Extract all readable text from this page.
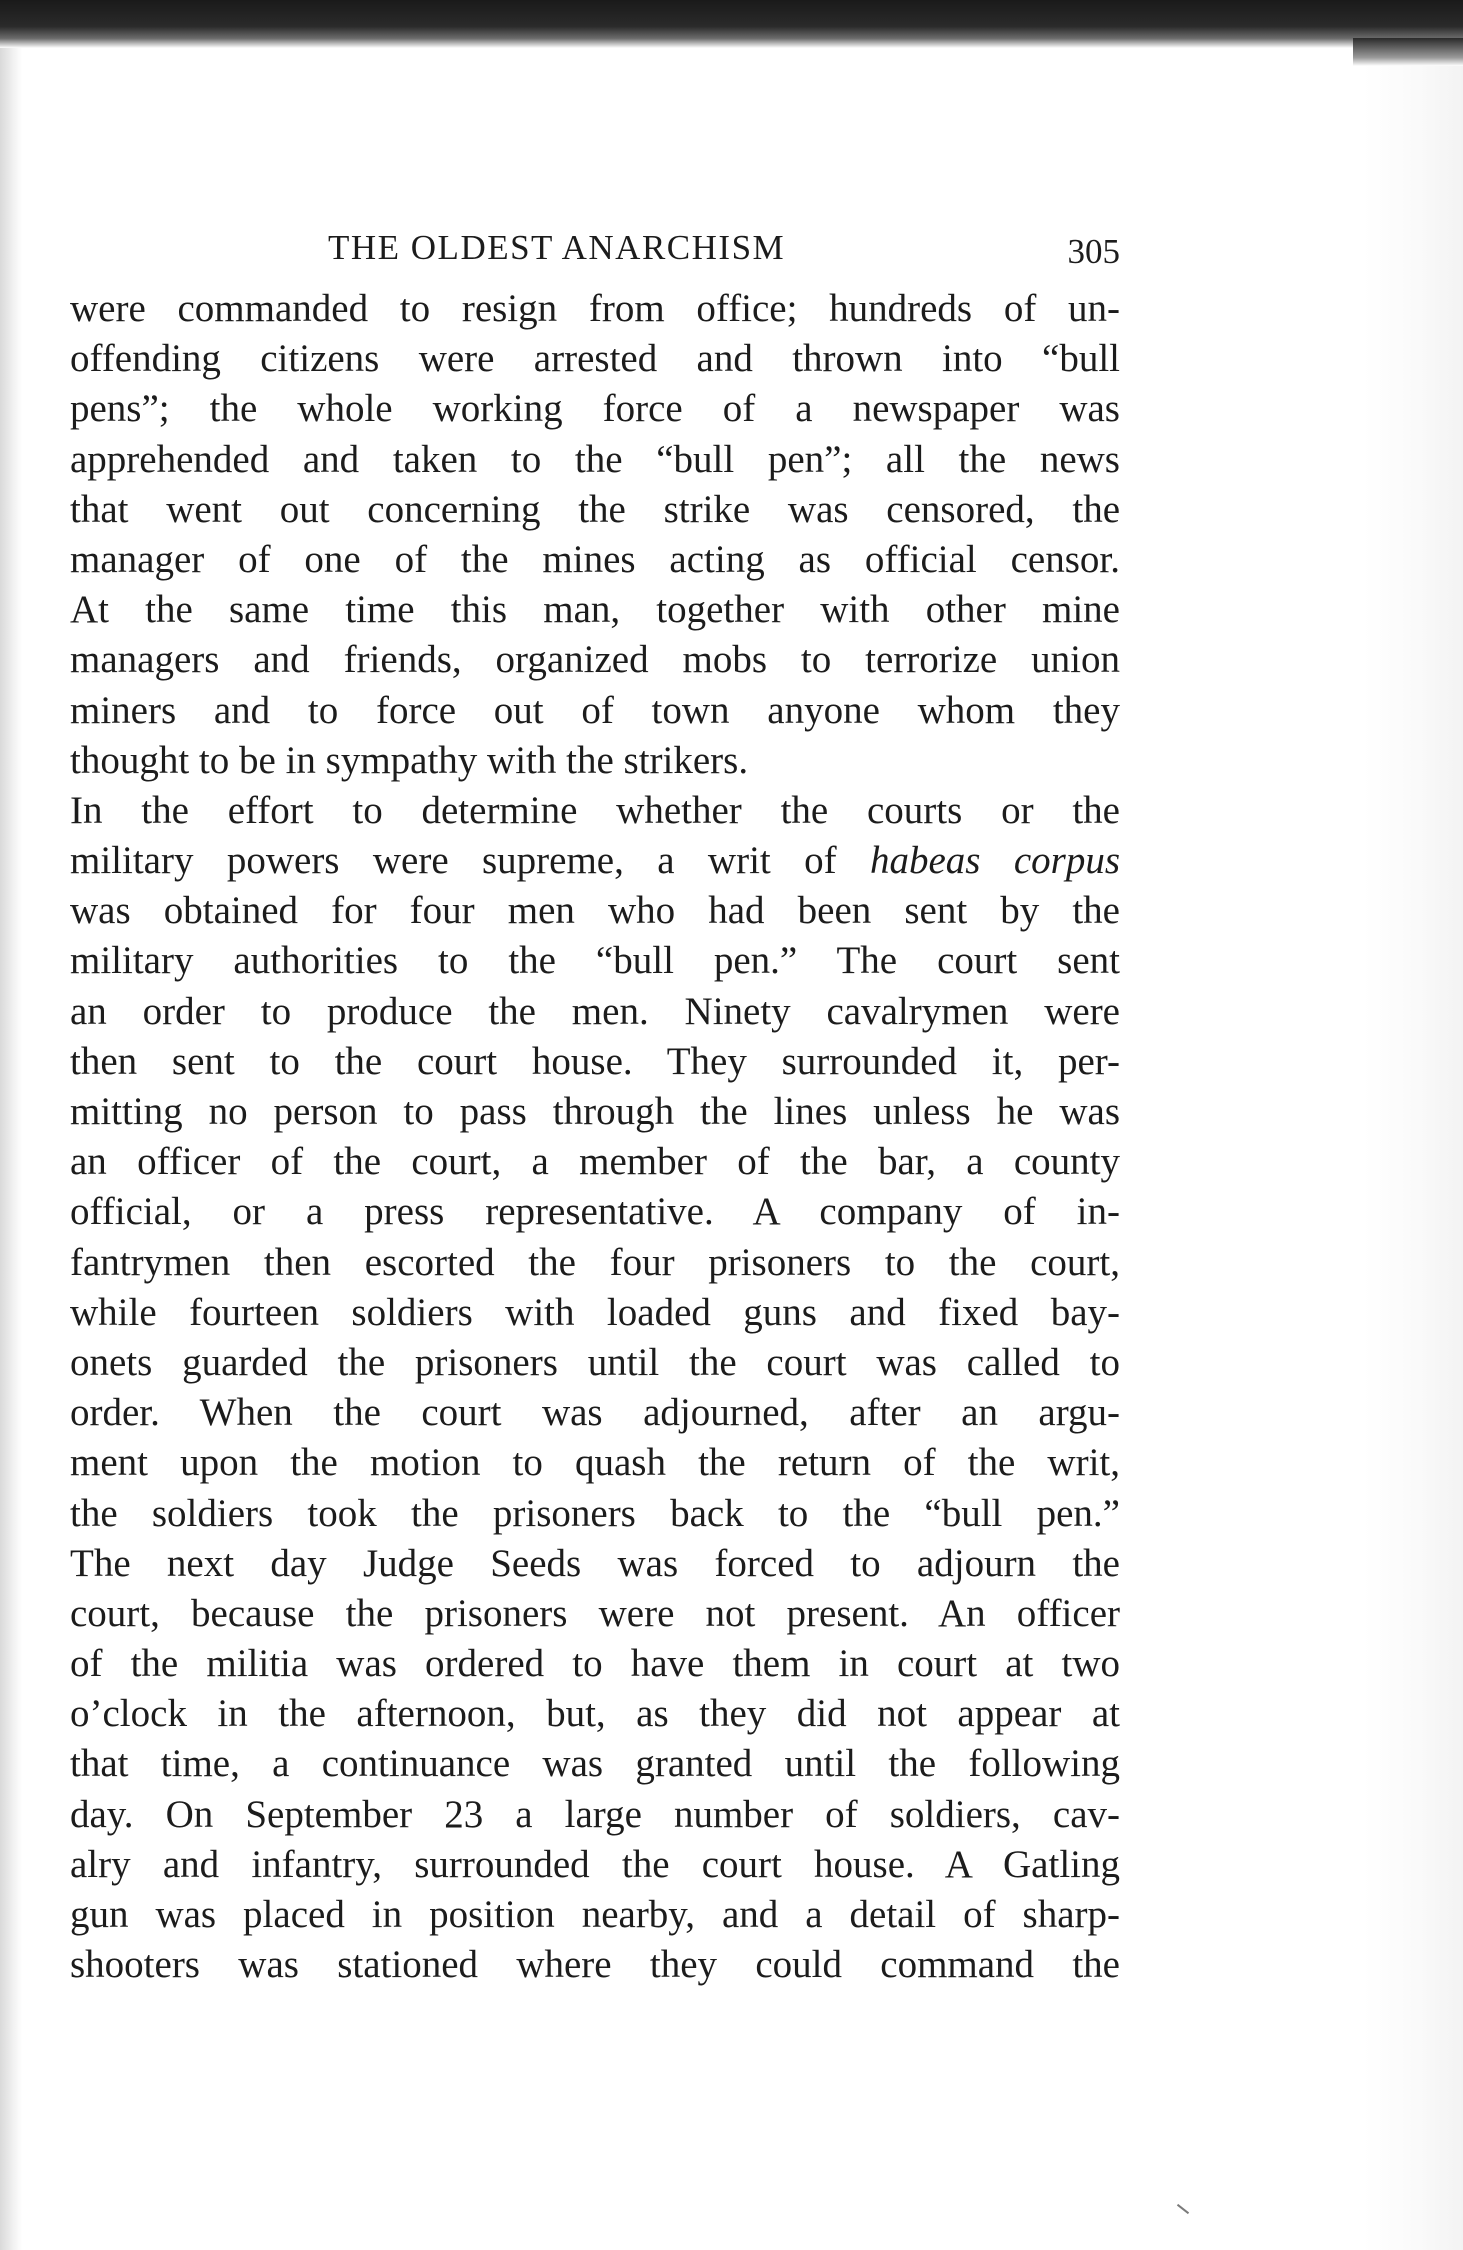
THE OLDEST ANARCHISM	305
were commanded to resign from office; hundreds of un-
offending citizens were arrested and thrown into “bull
pens”; the whole working force of a newspaper was
apprehended and taken to the “bull pen”; all the news
that went out concerning the strike was censored, the
manager of one of the mines acting as official censor.
At the same time this man, together with other mine
managers and friends, organized mobs to terrorize union
miners and to force out of town anyone whom they
thought to be in sympathy with the strikers.
In the effort to determine whether the courts or the
military powers were supreme, a writ of habeas corpus
was obtained for four men who had been sent by the
military authorities to the “bull pen.” The court sent
an order to produce the men. Ninety cavalrymen were
then sent to the court house. They surrounded it, per-
mitting no person to pass through the lines unless he was
an officer of the court, a member of the bar, a county
official, or a press representative. A company of in-
fantrymen then escorted the four prisoners to the court,
while fourteen soldiers with loaded guns and fixed bay-
onets guarded the prisoners until the court was called to
order. When the court was adjourned, after an argu-
ment upon the motion to quash the return of the writ,
the soldiers took the prisoners back to the “bull pen.”
The next day Judge Seeds was forced to adjourn the
court, because the prisoners were not present. An officer
of the militia was ordered to have them in court at two
o’clock in the afternoon, but, as they did not appear at
that time, a continuance was granted until the following
day. On September 23 a large number of soldiers, cav-
alry and infantry, surrounded the court house. A Gatling
gun was placed in position nearby, and a detail of sharp-
shooters was stationed where they could command the
